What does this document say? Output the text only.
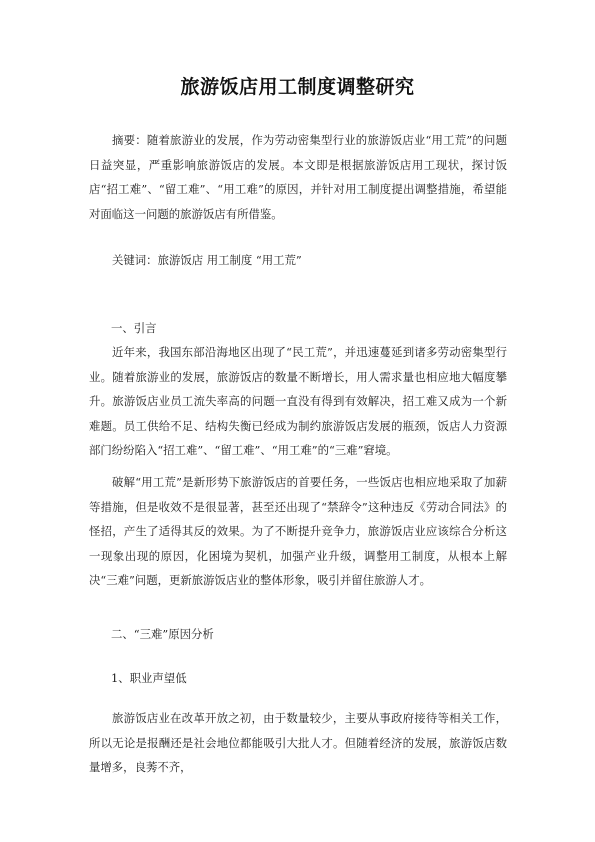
旅游饭店用工制度调整研究

摘要：随着旅游业的发展，作为劳动密集型行业的旅游饭店业“用工荒”的问题日益突显，严重影响旅游饭店的发展。本文即是根据旅游饭店用工现状，探讨饭店“招工难”、“留工难”、“用工难”的原因，并针对用工制度提出调整措施，希望能对面临这一问题的旅游饭店有所借鉴。

关键词：旅游饭店 用工制度 “用工荒”

一、引言

近年来，我国东部沿海地区出现了“民工荒”，并迅速蔓延到诸多劳动密集型行业。随着旅游业的发展，旅游饭店的数量不断增长，用人需求量也相应地大幅度攀升。旅游饭店业员工流失率高的问题一直没有得到有效解决，招工难又成为一个新难题。员工供给不足、结构失衡已经成为制约旅游饭店发展的瓶颈，饭店人力资源部门纷纷陷入“招工难”、“留工难”、“用工难”的“三难”窘境。

破解“用工荒”是新形势下旅游饭店的首要任务，一些饭店也相应地采取了加薪等措施，但是收效不是很显著，甚至还出现了“禁辞令”这种违反《劳动合同法》的怪招，产生了适得其反的效果。为了不断提升竞争力，旅游饭店业应该综合分析这一现象出现的原因，化困境为契机，加强产业升级，调整用工制度，从根本上解决“三难”问题，更新旅游饭店业的整体形象，吸引并留住旅游人才。

二、“三难”原因分析
1、职业声望低

旅游饭店业在改革开放之初，由于数量较少，主要从事政府接待等相关工作，所以无论是报酬还是社会地位都能吸引大批人才。但随着经济的发展，旅游饭店数量增多，良莠不齐，
